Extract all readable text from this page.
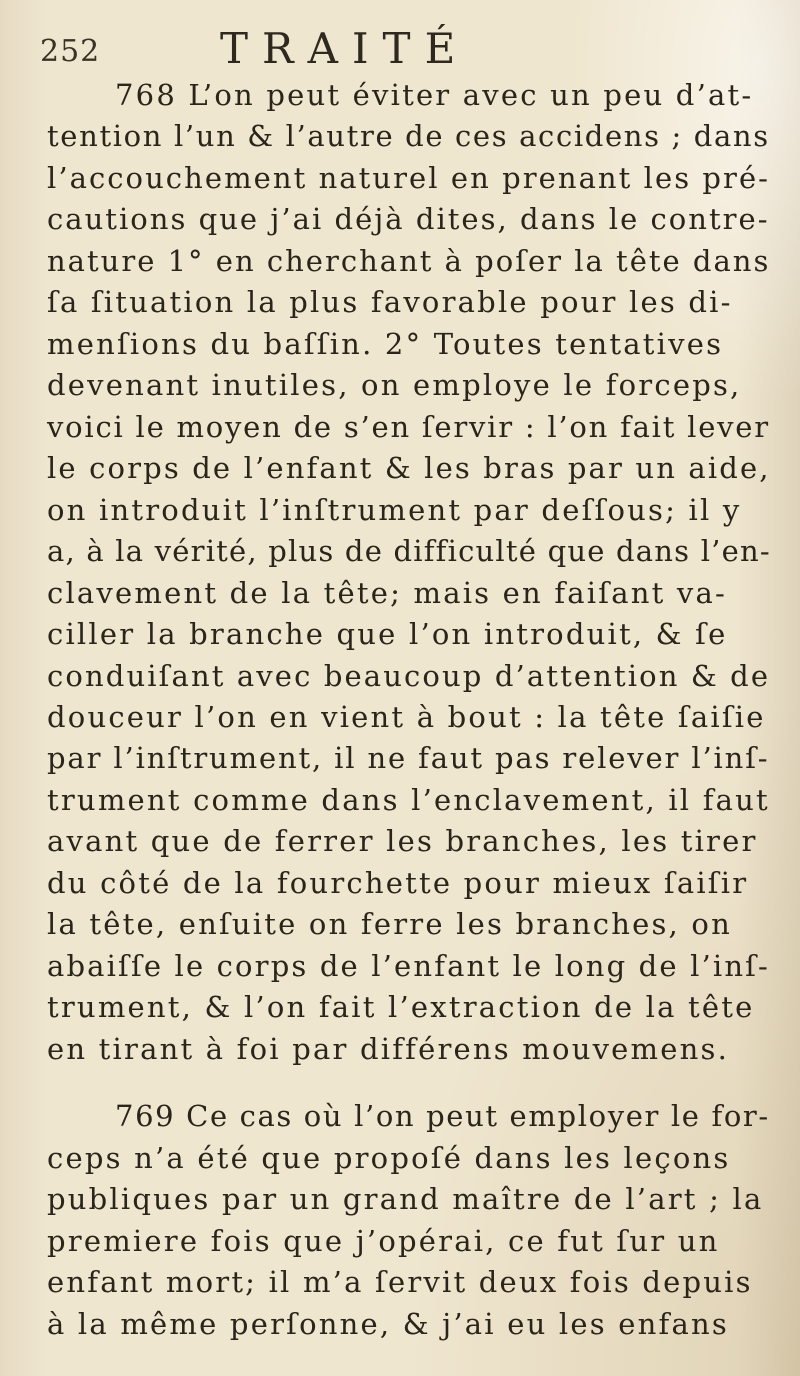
252	TRAITÉ
768 L’on peut éviter avec un peu d’at-
tention l’un & l’autre de ces accidens ; dans
l’accouchement naturel en prenant les pré-
cautions que j’ai déjà dites, dans le contre-
nature 1° en cherchant à poſer la tête dans
ſa ſituation la plus favorable pour les di-
menſions du baſſin. 2° Toutes tentatives
devenant inutiles, on employe le forceps,
voici le moyen de s’en ſervir : l’on fait lever
le corps de l’enfant & les bras par un aide,
on introduit l’inſtrument par deſſous; il y
a, à la vérité, plus de difficulté que dans l’en-
clavement de la tête; mais en faiſant va-
ciller la branche que l’on introduit, & ſe
conduiſant avec beaucoup d’attention & de
douceur l’on en vient à bout : la tête ſaiſie
par l’inſtrument, il ne faut pas relever l’inſ-
trument comme dans l’enclavement, il faut
avant que de ferrer les branches, les tirer
du côté de la fourchette pour mieux ſaiſir
la tête, enſuite on ferre les branches, on
abaiſſe le corps de l’enfant le long de l’inſ-
trument, & l’on fait l’extraction de la tête
en tirant à foi par différens mouvemens.
769 Ce cas où l’on peut employer le for-
ceps n’a été que propoſé dans les leçons
publiques par un grand maître de l’art ; la
premiere fois que j’opérai, ce fut ſur un
enfant mort; il m’a ſervit deux fois depuis
à la même perſonne, & j’ai eu les enfans
